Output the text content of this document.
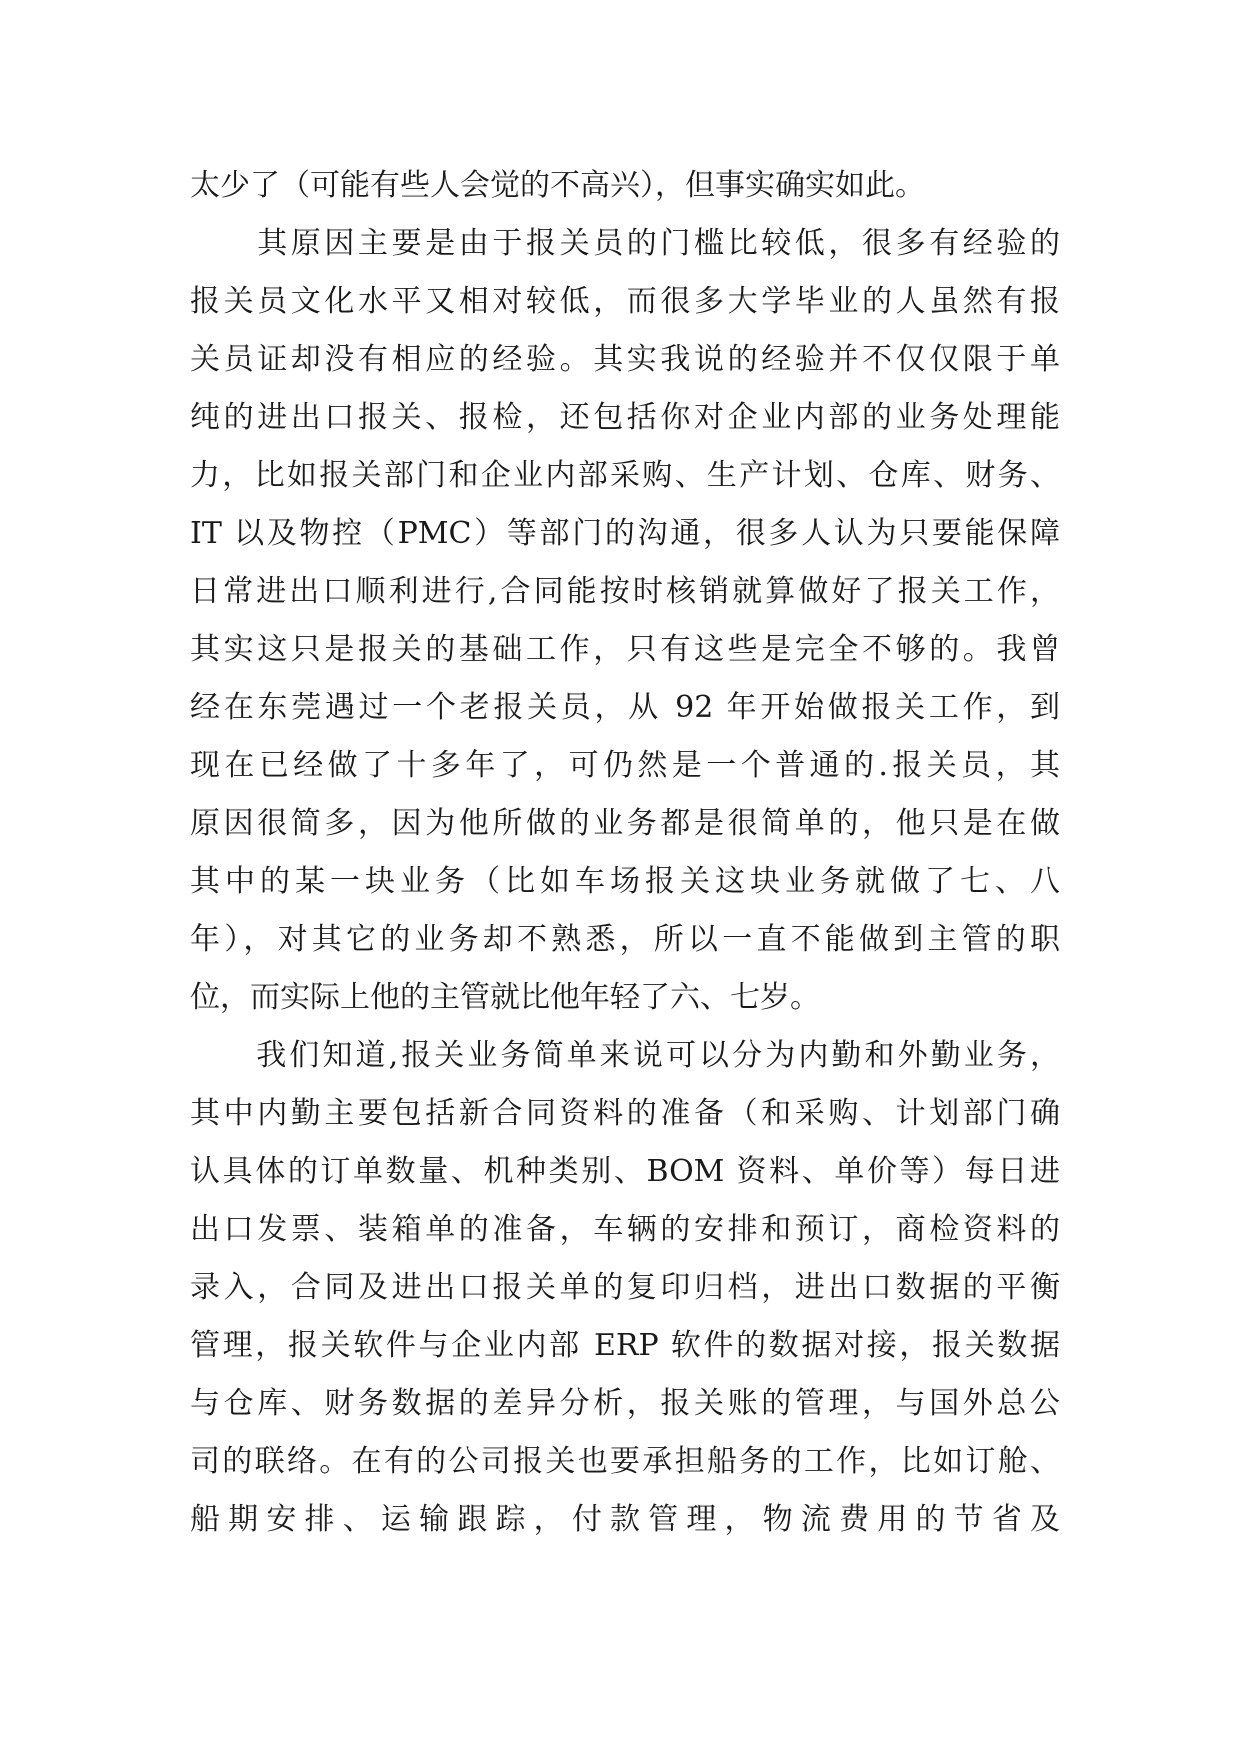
太少了（可能有些人会觉的不高兴），但事实确实如此。
　　其原因主要是由于报关员的门槛比较低，很多有经验的
报关员文化水平又相对较低，而很多大学毕业的人虽然有报
关员证却没有相应的经验。其实我说的经验并不仅仅限于单
纯的进出口报关、报检，还包括你对企业内部的业务处理能
力，比如报关部门和企业内部采购、生产计划、仓库、财务、
IT 以及物控（PMC）等部门的沟通，很多人认为只要能保障
日常进出口顺利进行,合同能按时核销就算做好了报关工作，
其实这只是报关的基础工作，只有这些是完全不够的。我曾
经在东莞遇过一个老报关员，从 92 年开始做报关工作，到
现在已经做了十多年了，可仍然是一个普通的.报关员，其
原因很简多，因为他所做的业务都是很简单的，他只是在做
其中的某一块业务（比如车场报关这块业务就做了七、八
年），对其它的业务却不熟悉，所以一直不能做到主管的职
位，而实际上他的主管就比他年轻了六、七岁。
　　我们知道,报关业务简单来说可以分为内勤和外勤业务，
其中内勤主要包括新合同资料的准备（和采购、计划部门确
认具体的订单数量、机种类别、BOM 资料、单价等）每日进
出口发票、装箱单的准备，车辆的安排和预订，商检资料的
录入，合同及进出口报关单的复印归档，进出口数据的平衡
管理，报关软件与企业内部 ERP 软件的数据对接，报关数据
与仓库、财务数据的差异分析，报关账的管理，与国外总公
司的联络。在有的公司报关也要承担船务的工作，比如订舱、
船期安排、运输跟踪，付款管理，物流费用的节省及
